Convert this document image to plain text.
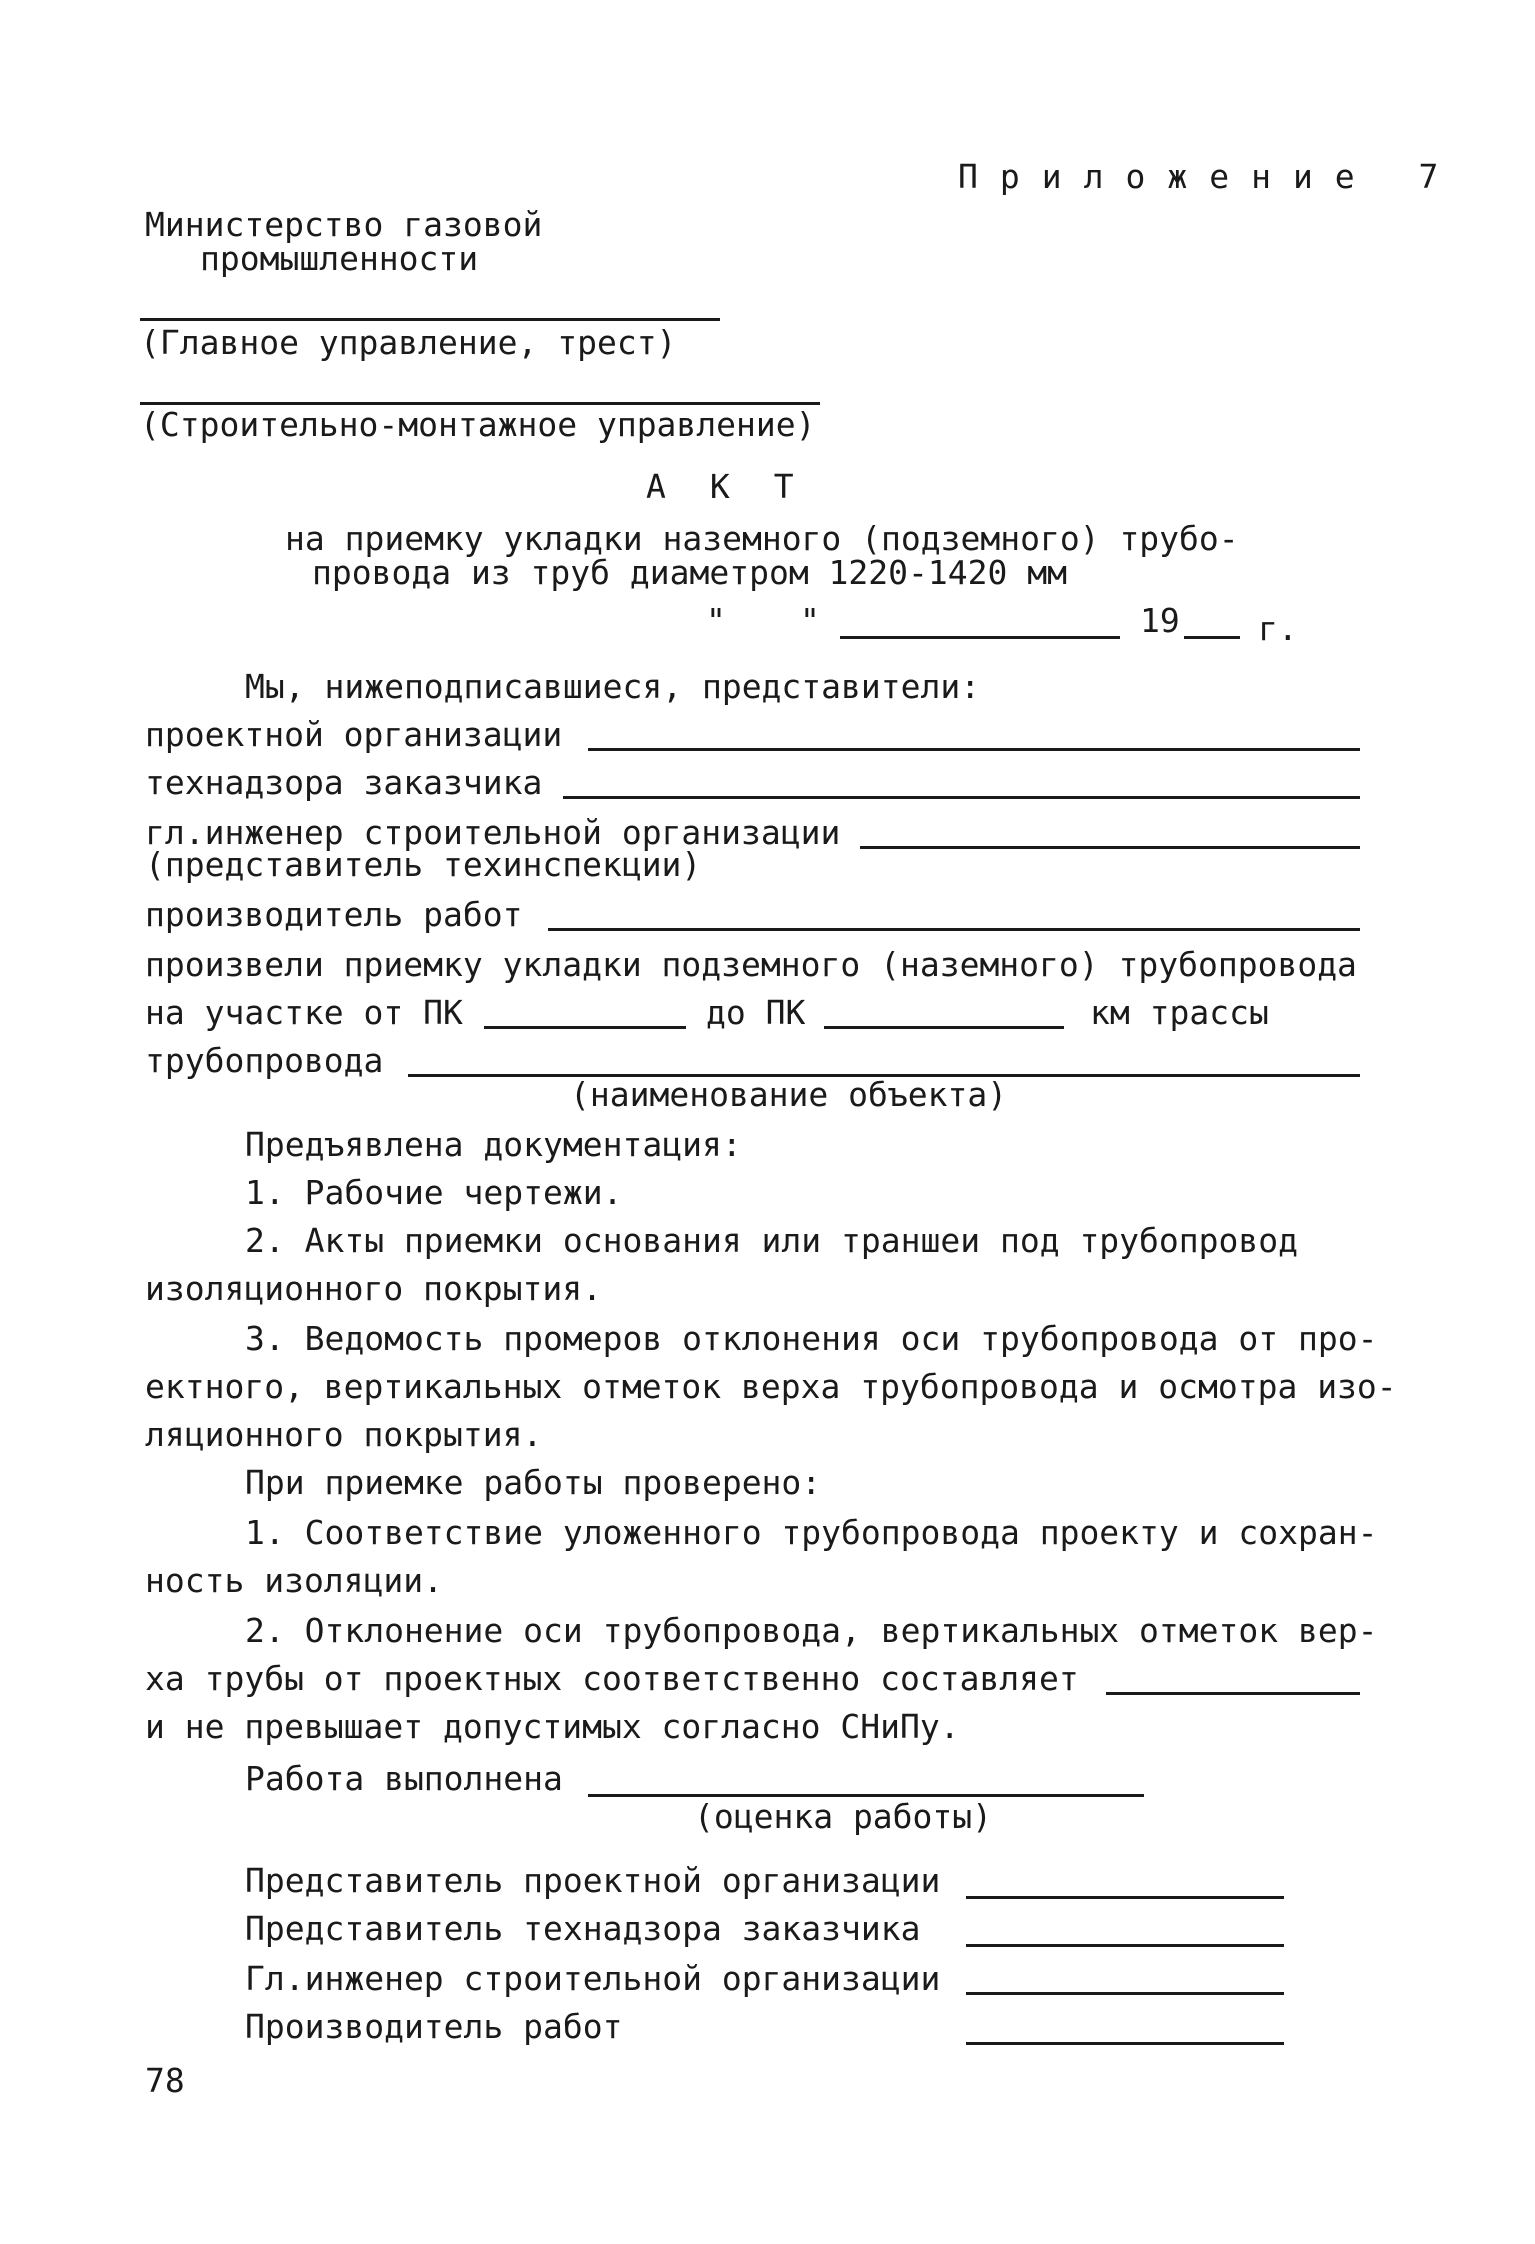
Приложение 7
Министерство газовой
промышленности
(Главное управление, трест)
(Строительно-монтажное управление)
АКТ
на приемку укладки наземного (подземного) трубо-
провода из труб диаметром 1220-1420 мм
" "	19 г.
Мы, нижеподписавшиеся, представители:
проектной организации
технадзора заказчика
гл.инженер строительной организации
(представитель техинспекции)
производитель работ
произвели приемку укладки подземного (наземного) трубопровода
на участке от ПК	до ПК	км трассы
трубопровода
(наименование объекта)
Предъявлена документация:
1. Рабочие чертежи.
2. Акты приемки основания или траншеи под трубопровод
изоляционного покрытия.
3. Ведомость промеров отклонения оси трубопровода от про-
ектного, вертикальных отметок верха трубопровода и осмотра изо-
ляционного покрытия.
При приемке работы проверено:
1. Соответствие уложенного трубопровода проекту и сохран-
ность изоляции.
2. Отклонение оси трубопровода, вертикальных отметок вер-
ха трубы от проектных соответственно составляет
и не превышает допустимых согласно СНиПу.
Работа выполнена
(оценка работы)
Представитель проектной организации
Представитель технадзора заказчика
Гл.инженер строительной организации
Производитель работ
78
